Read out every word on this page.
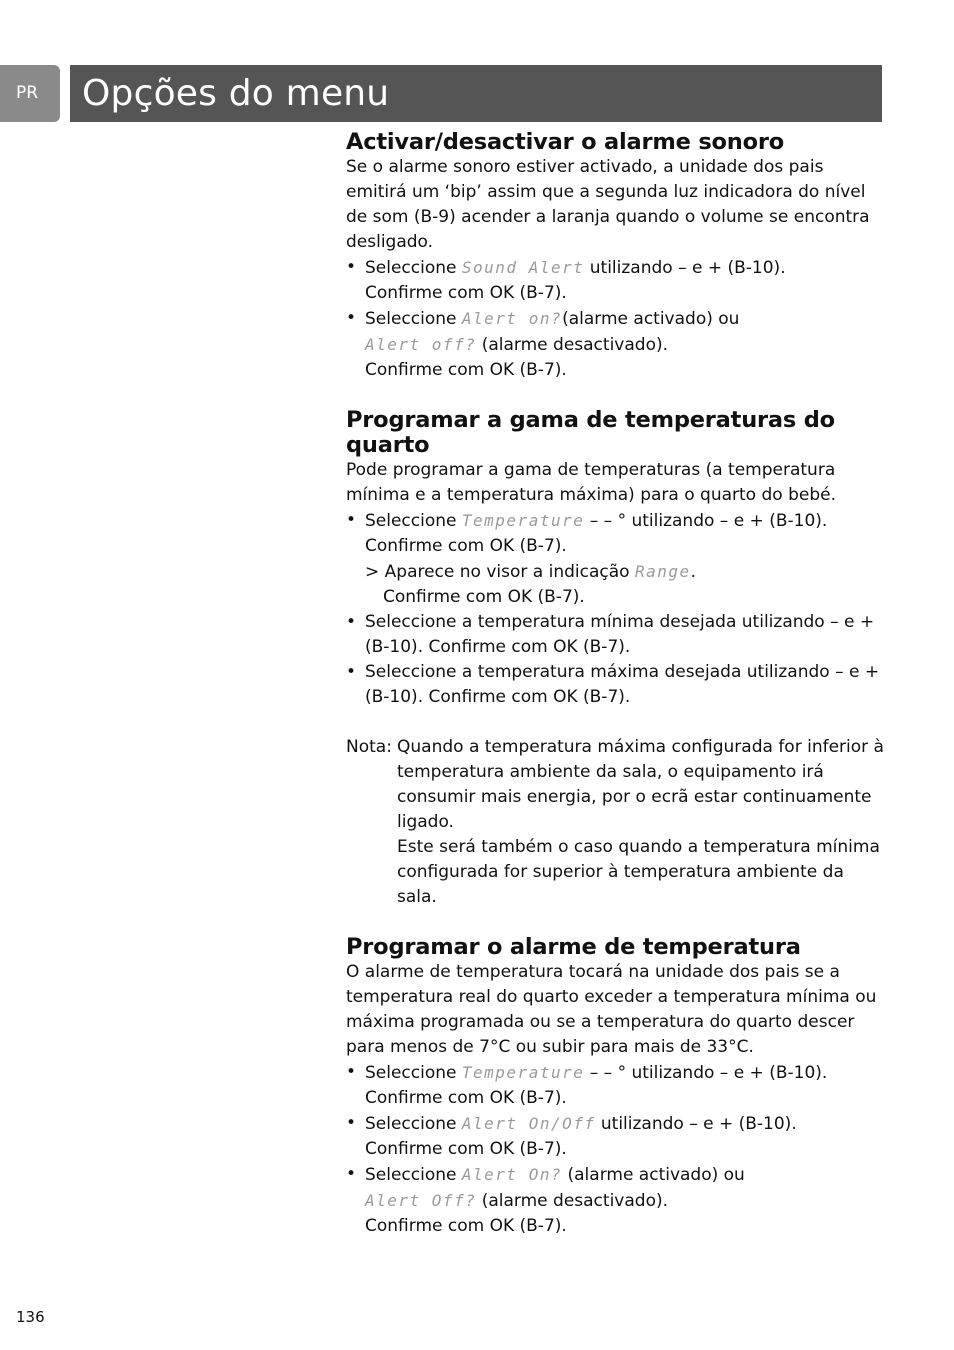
PR	Opções do menu
Activar/desactivar o alarme sonoro

Se o alarme sonoro estiver activado, a unidade dos pais emitirá um ‘bip’ assim que a segunda luz indicadora do nível de som (B-9) acender a laranja quando o volume se encontra desligado.

• Seleccione Sound Alert utilizando – e + (B-10).
Confirme com OK (B-7).
• Seleccione Alert on?(alarme activado) ou
Alert off? (alarme desactivado).
Confirme com OK (B-7).
Programar a gama de temperaturas do quarto

Pode programar a gama de temperaturas (a temperatura mínima e a temperatura máxima) para o quarto do bebé.

• Seleccione Temperature – – ° utilizando – e + (B-10).
Confirme com OK (B-7).
> Aparece no visor a indicação Range.
Confirme com OK (B-7).
• Seleccione a temperatura mínima desejada utilizando – e + (B-10). Confirme com OK (B-7).
• Seleccione a temperatura máxima desejada utilizando – e + (B-10). Confirme com OK (B-7).
Nota: Quando a temperatura máxima configurada for inferior à temperatura ambiente da sala, o equipamento irá consumir mais energia, por o ecrã estar continuamente ligado.
Este será também o caso quando a temperatura mínima configurada for superior à temperatura ambiente da sala.
Programar o alarme de temperatura

O alarme de temperatura tocará na unidade dos pais se a temperatura real do quarto exceder a temperatura mínima ou máxima programada ou se a temperatura do quarto descer para menos de 7°C ou subir para mais de 33°C.

• Seleccione Temperature – – ° utilizando – e + (B-10).
Confirme com OK (B-7).
• Seleccione Alert On/Off utilizando – e + (B-10).
Confirme com OK (B-7).
• Seleccione Alert On? (alarme activado) ou
Alert Off? (alarme desactivado).
Confirme com OK (B-7).
136
